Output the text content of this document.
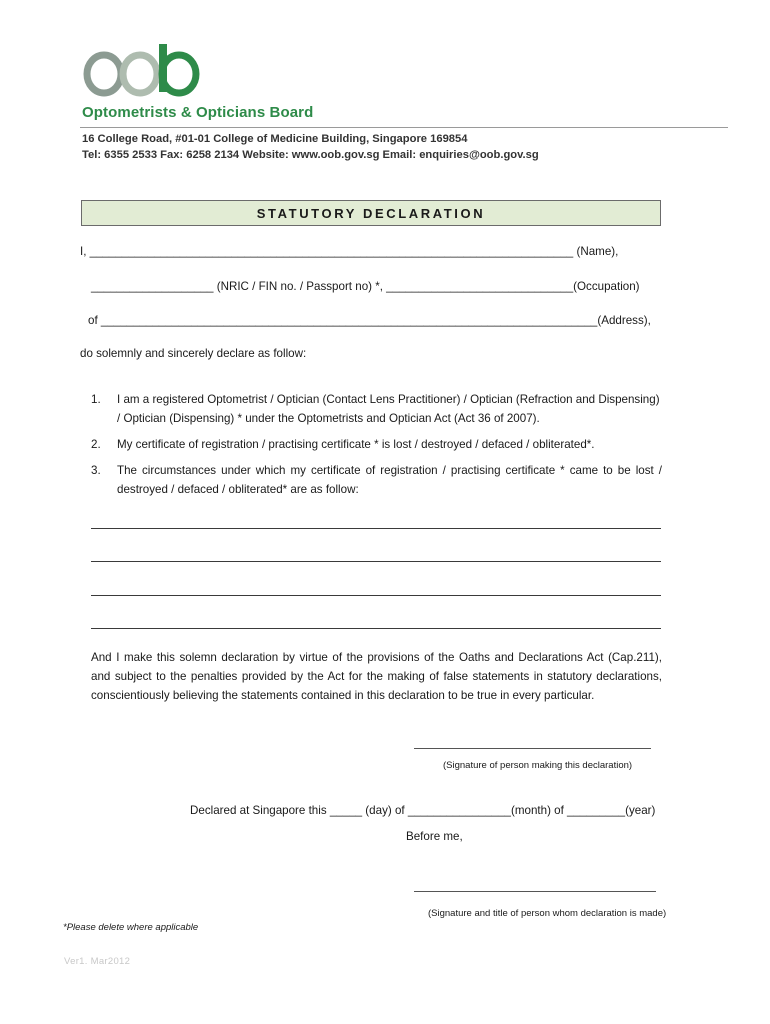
Optometrists & Opticians Board
16 College Road, #01-01 College of Medicine Building, Singapore 169854
Tel: 6355 2533 Fax: 6258 2134 Website: www.oob.gov.sg Email: enquiries@oob.gov.sg
STATUTORY DECLARATION
I, ___________________________________________________________________________ (Name),
___________________ (NRIC / FIN no. / Passport no) *, _____________________________(Occupation)
of _____________________________________________________________________________(Address),
do solemnly and sincerely declare as follow:
1. I am a registered Optometrist / Optician (Contact Lens Practitioner) / Optician (Refraction and Dispensing)
/ Optician (Dispensing) * under the Optometrists and Optician Act (Act 36 of 2007).
2. My certificate of registration / practising certificate * is lost / destroyed / defaced / obliterated*.
3. The circumstances under which my certificate of registration / practising certificate * came to be lost /
destroyed / defaced / obliterated* are as follow:
And I make this solemn declaration by virtue of the provisions of the Oaths and Declarations Act (Cap.211),
and subject to the penalties provided by the Act for the making of false statements in statutory declarations,
conscientiously believing the statements contained in this declaration to be true in every particular.
(Signature of person making this declaration)
Declared at Singapore this _____ (day) of ________________(month) of _________(year)
Before me,
(Signature and title of person whom declaration is made)
*Please delete where applicable
Ver1. Mar2012
